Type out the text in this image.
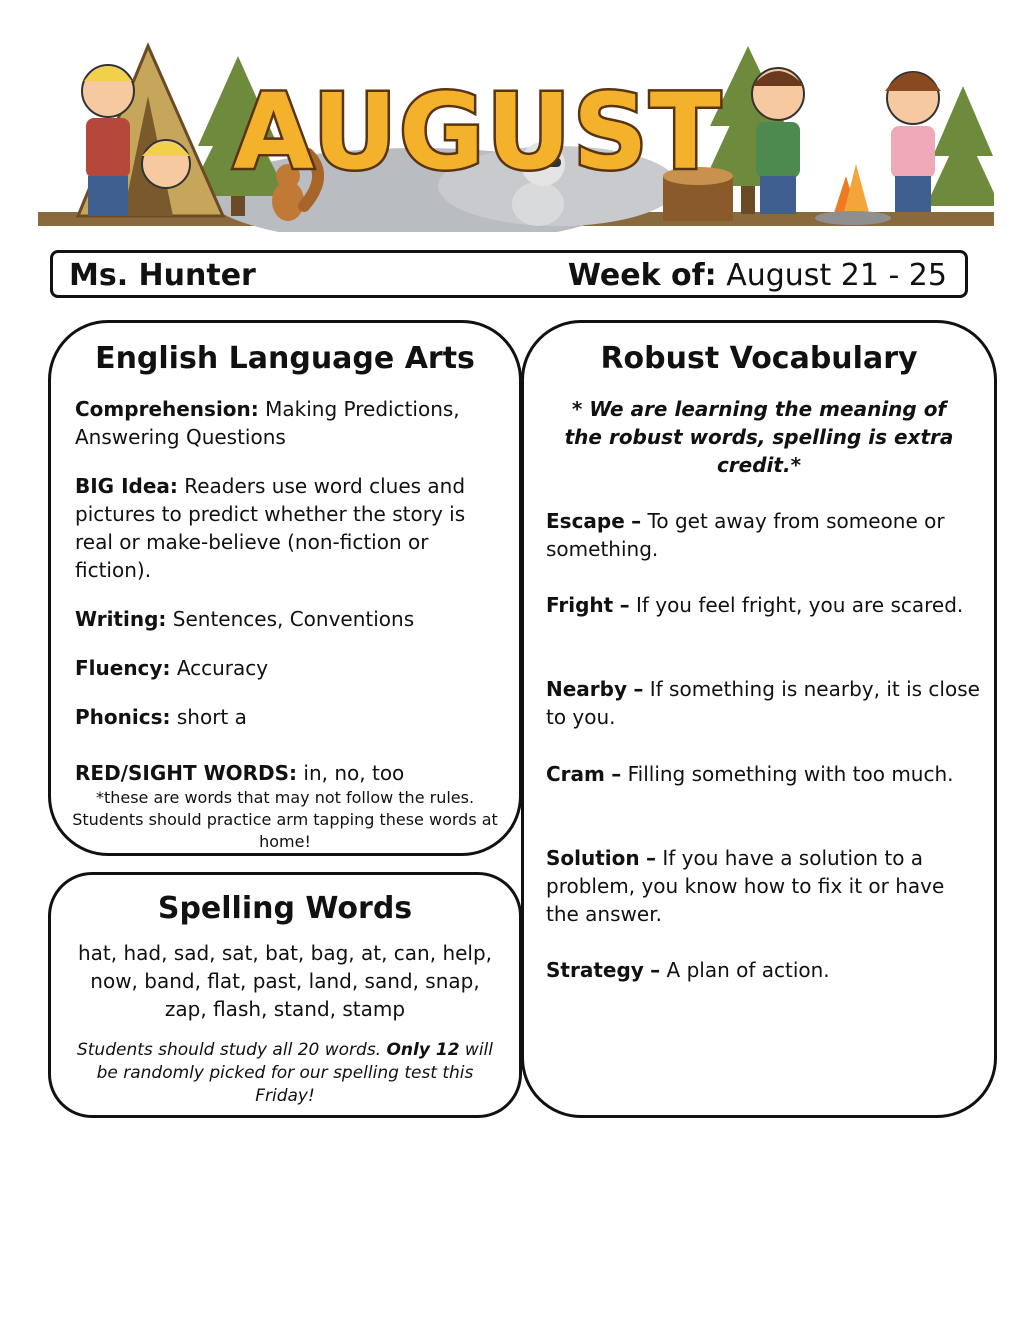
AUGUST
Ms. Hunter	Week of: August 21 - 25
English Language Arts
Comprehension: Making Predictions, Answering Questions
BIG Idea: Readers use word clues and pictures to predict whether the story is real or make-believe (non-fiction or fiction).
Writing: Sentences, Conventions
Fluency: Accuracy
Phonics: short a
RED/SIGHT WORDS: in, no, too
*these are words that may not follow the rules. Students should practice arm tapping these words at home!
Robust Vocabulary
* We are learning the meaning of the robust words, spelling is extra credit.*
Escape – To get away from someone or something.
Fright – If you feel fright, you are scared.
Nearby – If something is nearby, it is close to you.
Cram – Filling something with too much.
Solution – If you have a solution to a problem, you know how to fix it or have the answer.
Strategy – A plan of action.
Spelling Words
hat, had, sad, sat, bat, bag, at, can, help, now, band, flat, past, land, sand, snap, zap, flash, stand, stamp
Students should study all 20 words. Only 12 will be randomly picked for our spelling test this Friday!
